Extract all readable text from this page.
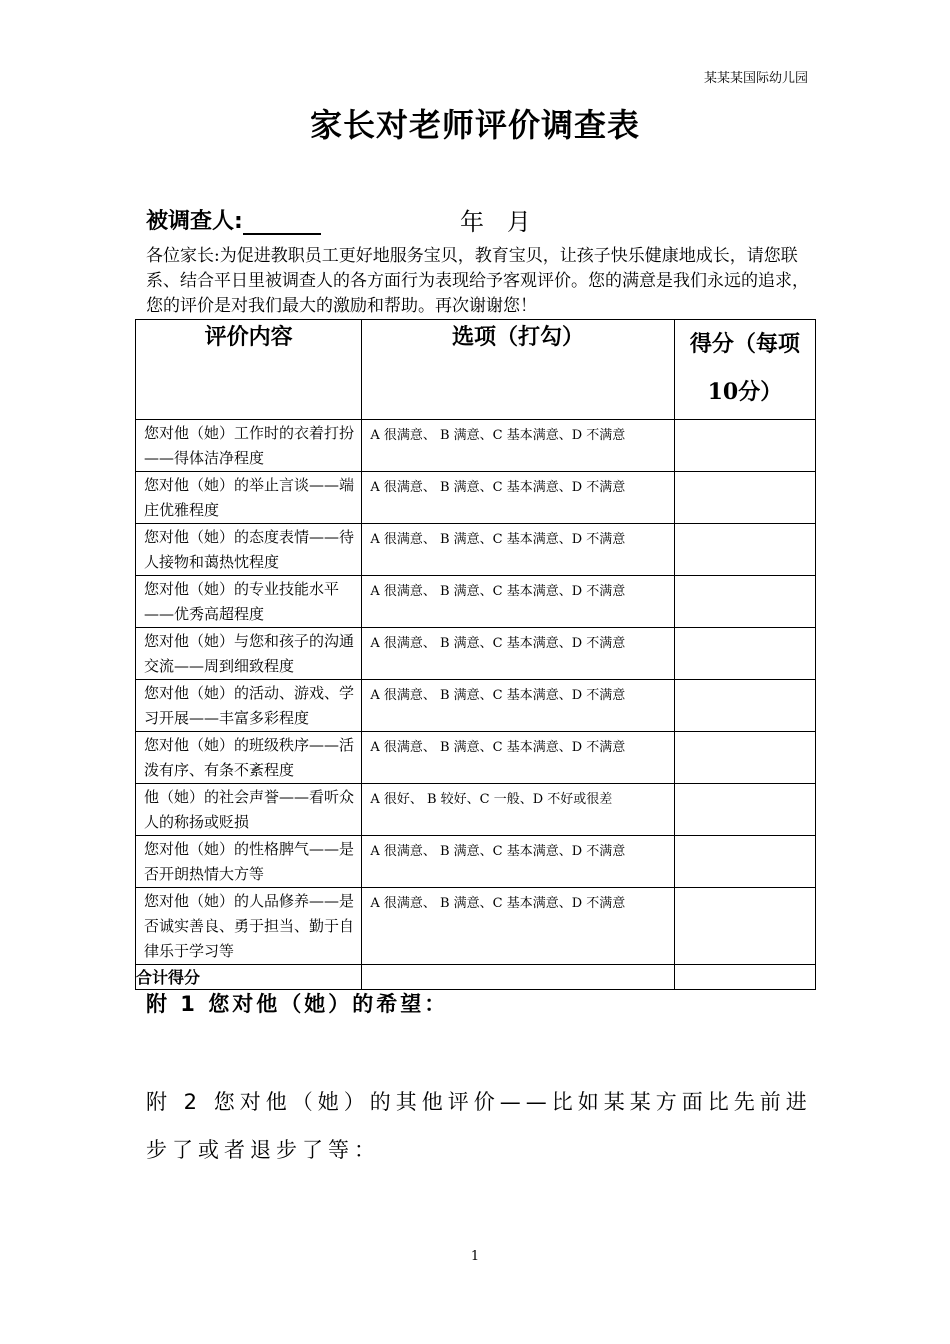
某某某国际幼儿园
家长对老师评价调查表
被调查人:	年   月
各位家长:为促进教职员工更好地服务宝贝，教育宝贝，让孩子快乐健康地成长，请您联系、结合平日里被调查人的各方面行为表现给予客观评价。您的满意是我们永远的追求，您的评价是对我们最大的激励和帮助。再次谢谢您！
评价内容	选项（打勾）	得分（每项10分）
您对他（她）工作时的衣着打扮——得体洁净程度	A 很满意、 B 满意、C 基本满意、D 不满意	
您对他（她）的举止言谈——端庄优雅程度	A 很满意、 B 满意、C 基本满意、D 不满意	
您对他（她）的态度表情——待人接物和蔼热忱程度	A 很满意、 B 满意、C 基本满意、D 不满意	
您对他（她）的专业技能水平——优秀高超程度	A 很满意、 B 满意、C 基本满意、D 不满意	
您对他（她）与您和孩子的沟通交流——周到细致程度	A 很满意、 B 满意、C 基本满意、D 不满意	
您对他（她）的活动、游戏、学习开展——丰富多彩程度	A 很满意、 B 满意、C 基本满意、D 不满意	
您对他（她）的班级秩序——活泼有序、有条不紊程度	A 很满意、 B 满意、C 基本满意、D 不满意	
他（她）的社会声誉——看听众人的称扬或贬损	A 很好、 B 较好、C 一般、D 不好或很差	
您对他（她）的性格脾气——是否开朗热情大方等	A 很满意、 B 满意、C 基本满意、D 不满意	
您对他（她）的人品修养——是否诚实善良、勇于担当、勤于自律乐于学习等	A 很满意、 B 满意、C 基本满意、D 不满意	
合计得分		
附 1 您对他（她）的希望：
附 2 您对他（她）的其他评价——比如某某方面比先前进步了或者退步了等：
1
